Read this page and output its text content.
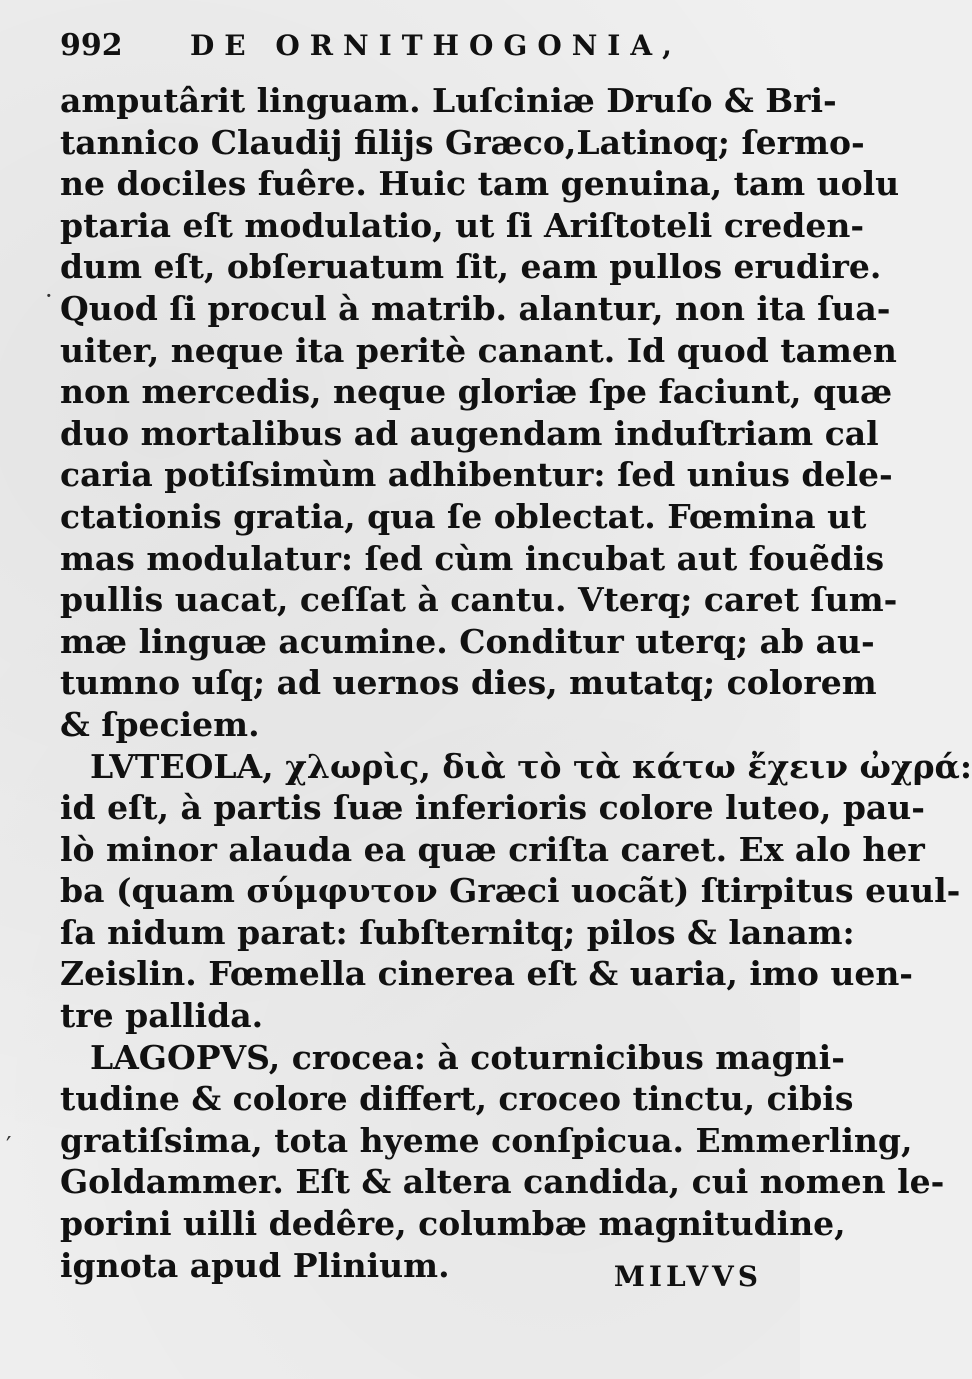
992	DE ORNITHOGONIA,
amputârit linguam. Luſciniæ Druſo & Bri-
tannico Claudij filijs Græco,Latinoq; ſermo-
ne dociles fuêre. Huic tam genuina, tam uolu
ptaria eſt modulatio, ut ſi Ariſtoteli creden-
dum eſt, obſeruatum ſit, eam pullos erudire.
Quod ſi procul à matrib. alantur, non ita ſua-
uiter, neque ita peritè canant. Id quod tamen
non mercedis, neque gloriæ ſpe faciunt, quæ
duo mortalibus ad augendam induſtriam cal
caria potiſsimùm adhibentur: ſed unius dele-
ctationis gratia, qua ſe oblectat. Fœmina ut
mas modulatur: ſed cùm incubat aut fouẽdis
pullis uacat, ceſſat à cantu. Vterq; caret ſum-
mæ linguæ acumine. Conditur uterq; ab au-
tumno uſq; ad uernos dies, mutatq; colorem
& ſpeciem.
LVTEOLA, χλωρὶς, διὰ τὸ τὰ κάτω ἔχειν ὠχρά:
id eſt, à partis ſuæ inferioris colore luteo, pau-
lò minor alauda ea quæ criſta caret. Ex alo her
ba (quam σύμφυτον Græci uocãt) ſtirpitus euul-
ſa nidum parat: ſubſternitq; pilos & lanam:
Zeislin. Fœmella cinerea eſt & uaria, imo uen-
tre pallida.
LAGOPVS, crocea: à coturnicibus magni-
tudine & colore differt, croceo tinctu, cibis
gratiſsima, tota hyeme conſpicua. Emmerling,
Goldammer. Eſt & altera candida, cui nomen le-
porini uilli dedêre, columbæ magnitudine,
ignota apud Plinium.	MILVVS
·
′
